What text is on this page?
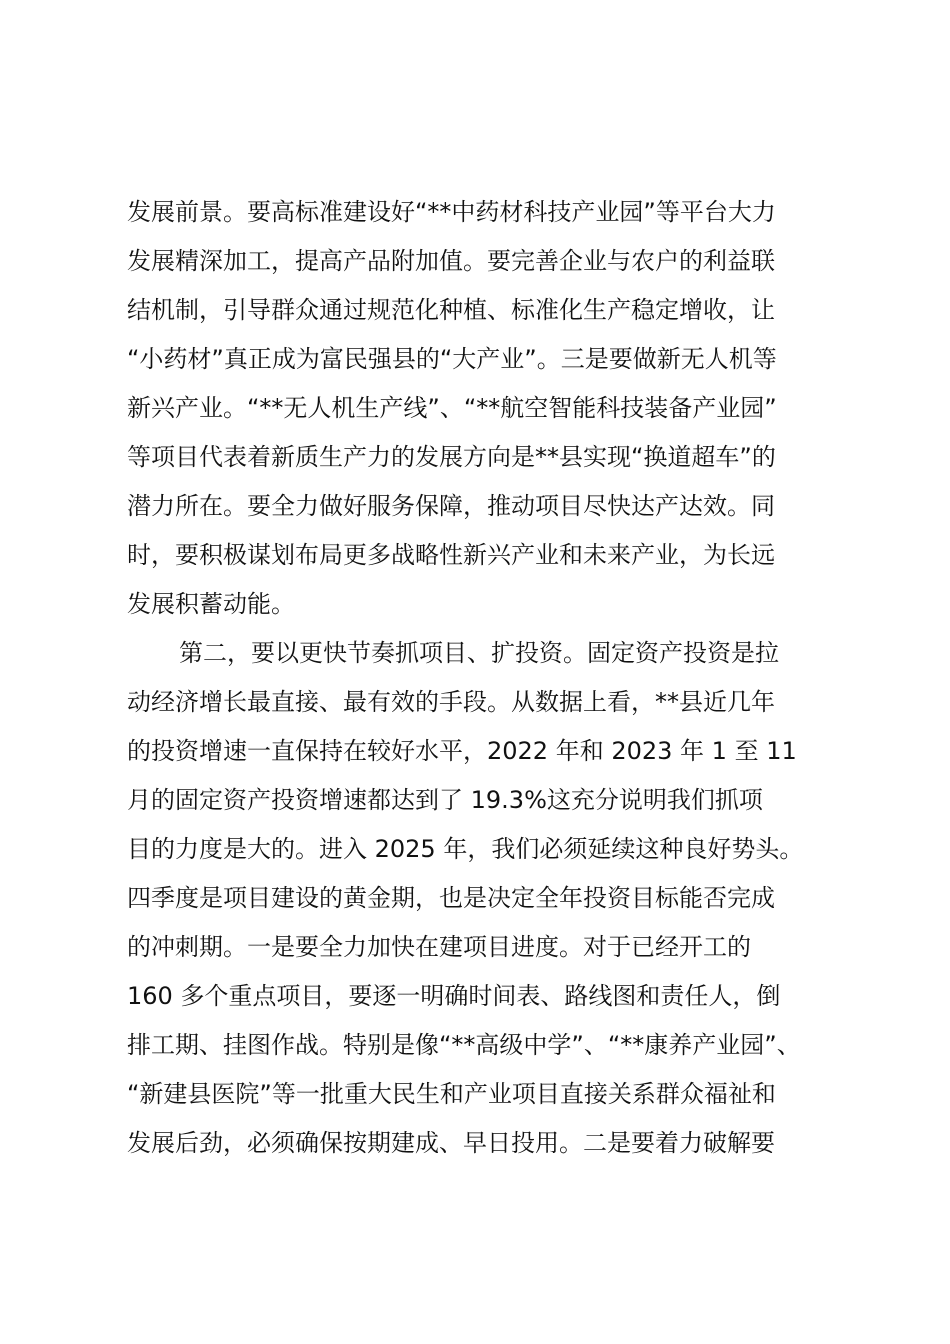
发展前景。要高标准建设好“**中药材科技产业园”等平台大力
发展精深加工，提高产品附加值。要完善企业与农户的利益联
结机制，引导群众通过规范化种植、标准化生产稳定增收，让
“小药材”真正成为富民强县的“大产业”。三是要做新无人机等
新兴产业。“**无人机生产线”、“**航空智能科技装备产业园”
等项目代表着新质生产力的发展方向是**县实现“换道超车”的
潜力所在。要全力做好服务保障，推动项目尽快达产达效。同
时，要积极谋划布局更多战略性新兴产业和未来产业，为长远
发展积蓄动能。
第二，要以更快节奏抓项目、扩投资。固定资产投资是拉
动经济增长最直接、最有效的手段。从数据上看，**县近几年
的投资增速一直保持在较好水平，2022 年和 2023 年 1 至 11
月的固定资产投资增速都达到了 19.3%这充分说明我们抓项
目的力度是大的。进入 2025 年，我们必须延续这种良好势头。
四季度是项目建设的黄金期，也是决定全年投资目标能否完成
的冲刺期。一是要全力加快在建项目进度。对于已经开工的
160 多个重点项目，要逐一明确时间表、路线图和责任人，倒
排工期、挂图作战。特别是像“**高级中学”、“**康养产业园”、
“新建县医院”等一批重大民生和产业项目直接关系群众福祉和
发展后劲，必须确保按期建成、早日投用。二是要着力破解要
